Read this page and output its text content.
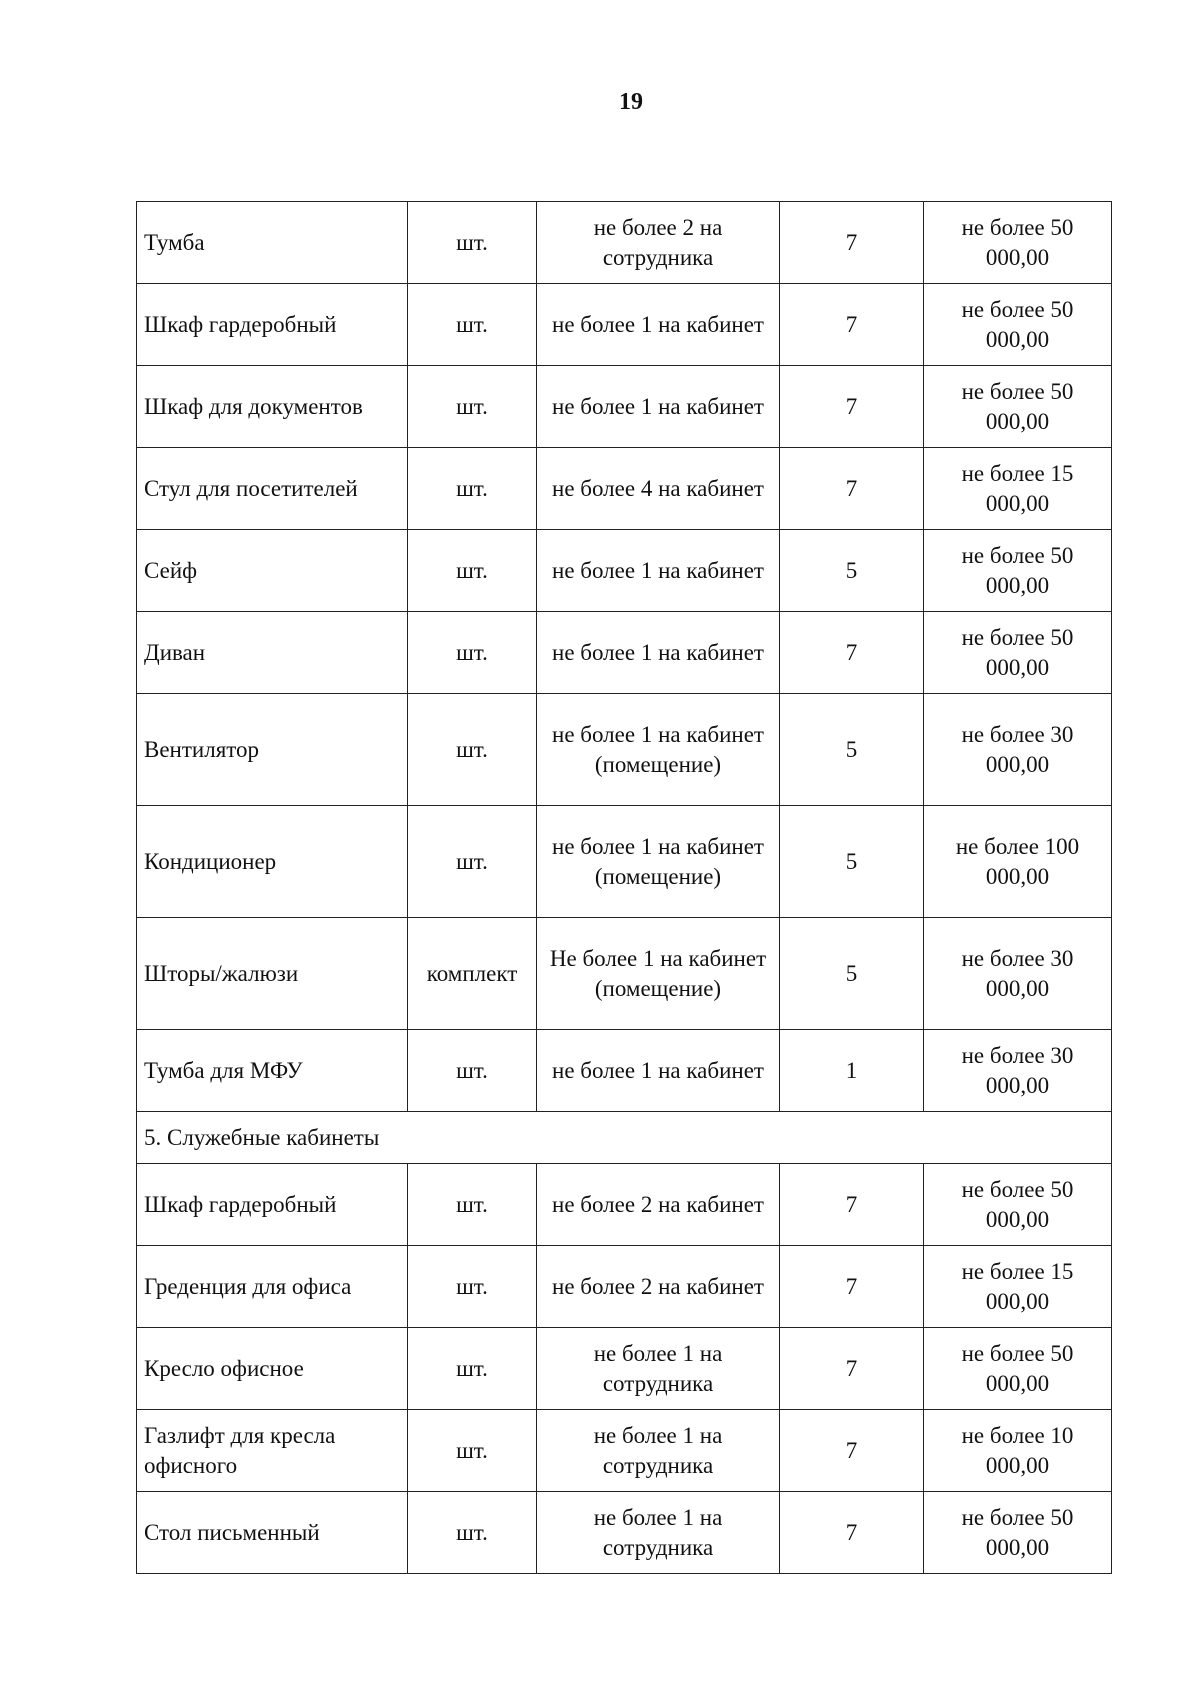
19
Тумба	шт.	не более 2 на сотрудника	7	не более 50 000,00
Шкаф гардеробный	шт.	не более 1 на кабинет	7	не более 50 000,00
Шкаф для документов	шт.	не более 1 на кабинет	7	не более 50 000,00
Стул для посетителей	шт.	не более 4 на кабинет	7	не более 15 000,00
Сейф	шт.	не более 1 на кабинет	5	не более 50 000,00
Диван	шт.	не более 1 на кабинет	7	не более 50 000,00
Вентилятор	шт.	не более 1 на кабинет (помещение)	5	не более 30 000,00
Кондиционер	шт.	не более 1 на кабинет (помещение)	5	не более 100 000,00
Шторы/жалюзи	комплект	Не более 1 на кабинет (помещение)	5	не более 30 000,00
Тумба для МФУ	шт.	не более 1 на кабинет	1	не более 30 000,00
5. Служебные кабинеты				
Шкаф гардеробный	шт.	не более 2 на кабинет	7	не более 50 000,00
Греденция для офиса	шт.	не более 2 на кабинет	7	не более 15 000,00
Кресло офисное	шт.	не более 1 на сотрудника	7	не более 50 000,00
Газлифт для кресла офисного	шт.	не более 1 на сотрудника	7	не более 10 000,00
Стол письменный	шт.	не более 1 на сотрудника	7	не более 50 000,00
